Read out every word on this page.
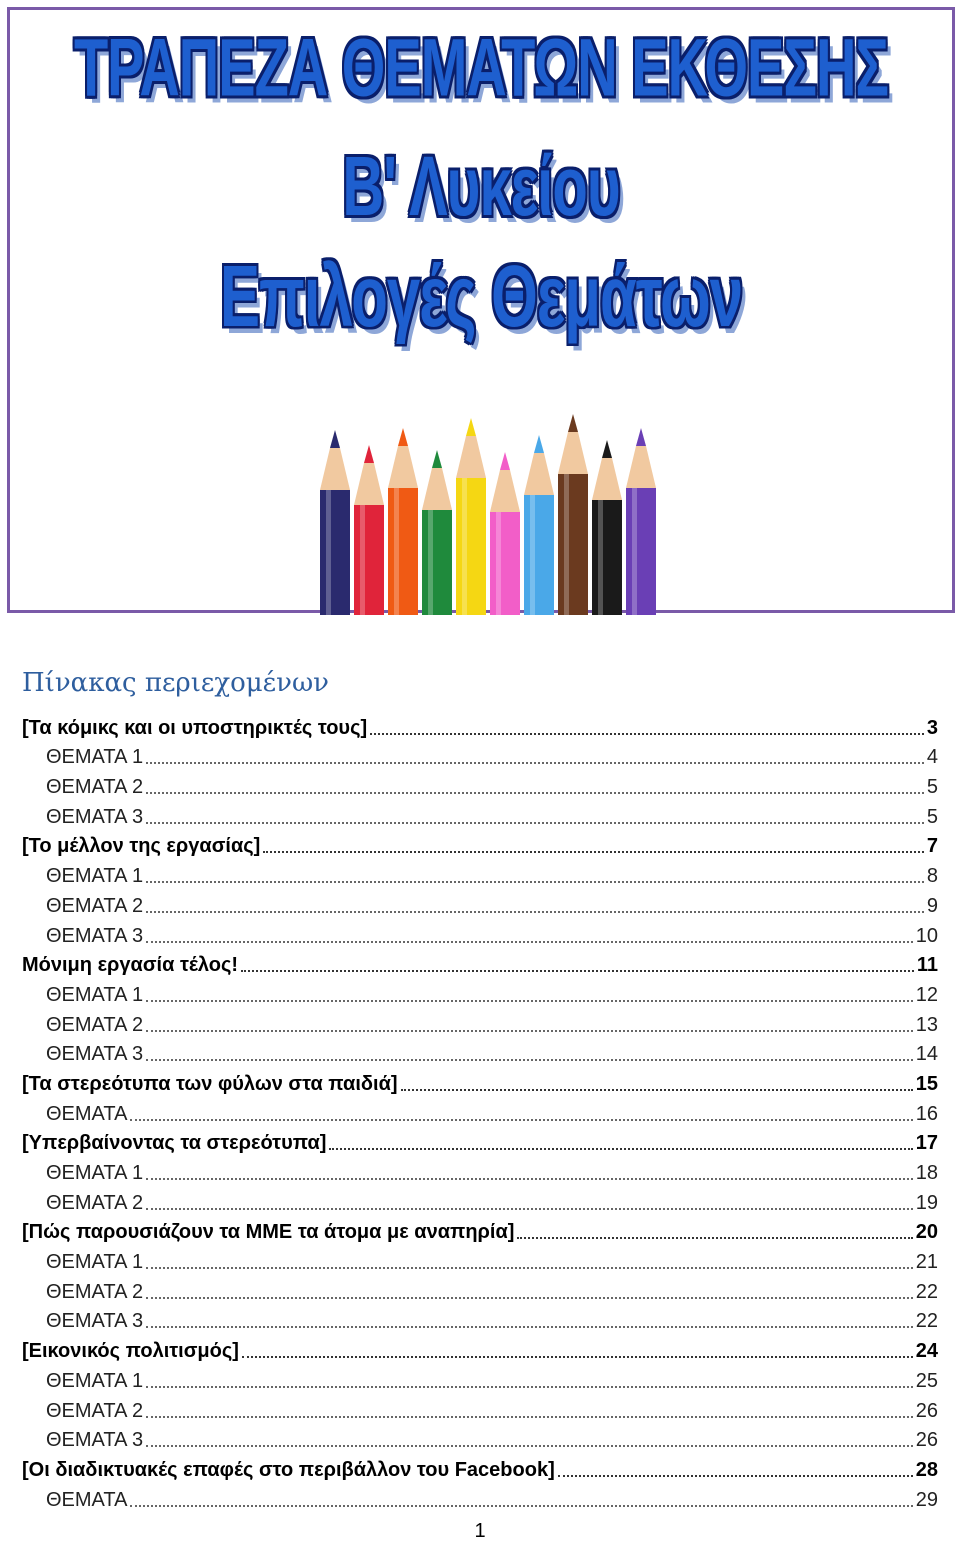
ΤΡΑΠΕΖΑ ΘΕΜΑΤΩΝ ΕΚΘΕΣΗΣ
Β' Λυκείου
Επιλογές Θεμάτων
Πίνακας περιεχομένων
[Τα κόμικς και οι υποστηρικτές τους]	3
ΘΕΜΑΤΑ 1	4
ΘΕΜΑΤΑ 2	5
ΘΕΜΑΤΑ 3	5
[Το μέλλον της εργασίας]	7
ΘΕΜΑΤΑ 1	8
ΘΕΜΑΤΑ 2	9
ΘΕΜΑΤΑ 3	10
Μόνιμη εργασία τέλος!	11
ΘΕΜΑΤΑ 1	12
ΘΕΜΑΤΑ 2	13
ΘΕΜΑΤΑ 3	14
[Τα στερεότυπα των φύλων στα παιδιά]	15
ΘΕΜΑΤΑ	16
[Υπερβαίνοντας τα στερεότυπα]	17
ΘΕΜΑΤΑ 1	18
ΘΕΜΑΤΑ 2	19
[Πώς παρουσιάζουν τα ΜΜΕ τα άτομα με αναπηρία]	20
ΘΕΜΑΤΑ 1	21
ΘΕΜΑΤΑ 2	22
ΘΕΜΑΤΑ 3	22
[Εικονικός πολιτισμός]	24
ΘΕΜΑΤΑ 1	25
ΘΕΜΑΤΑ 2	26
ΘΕΜΑΤΑ 3	26
[Οι διαδικτυακές επαφές στο περιβάλλον του Facebook]	28
ΘΕΜΑΤΑ	29
1
